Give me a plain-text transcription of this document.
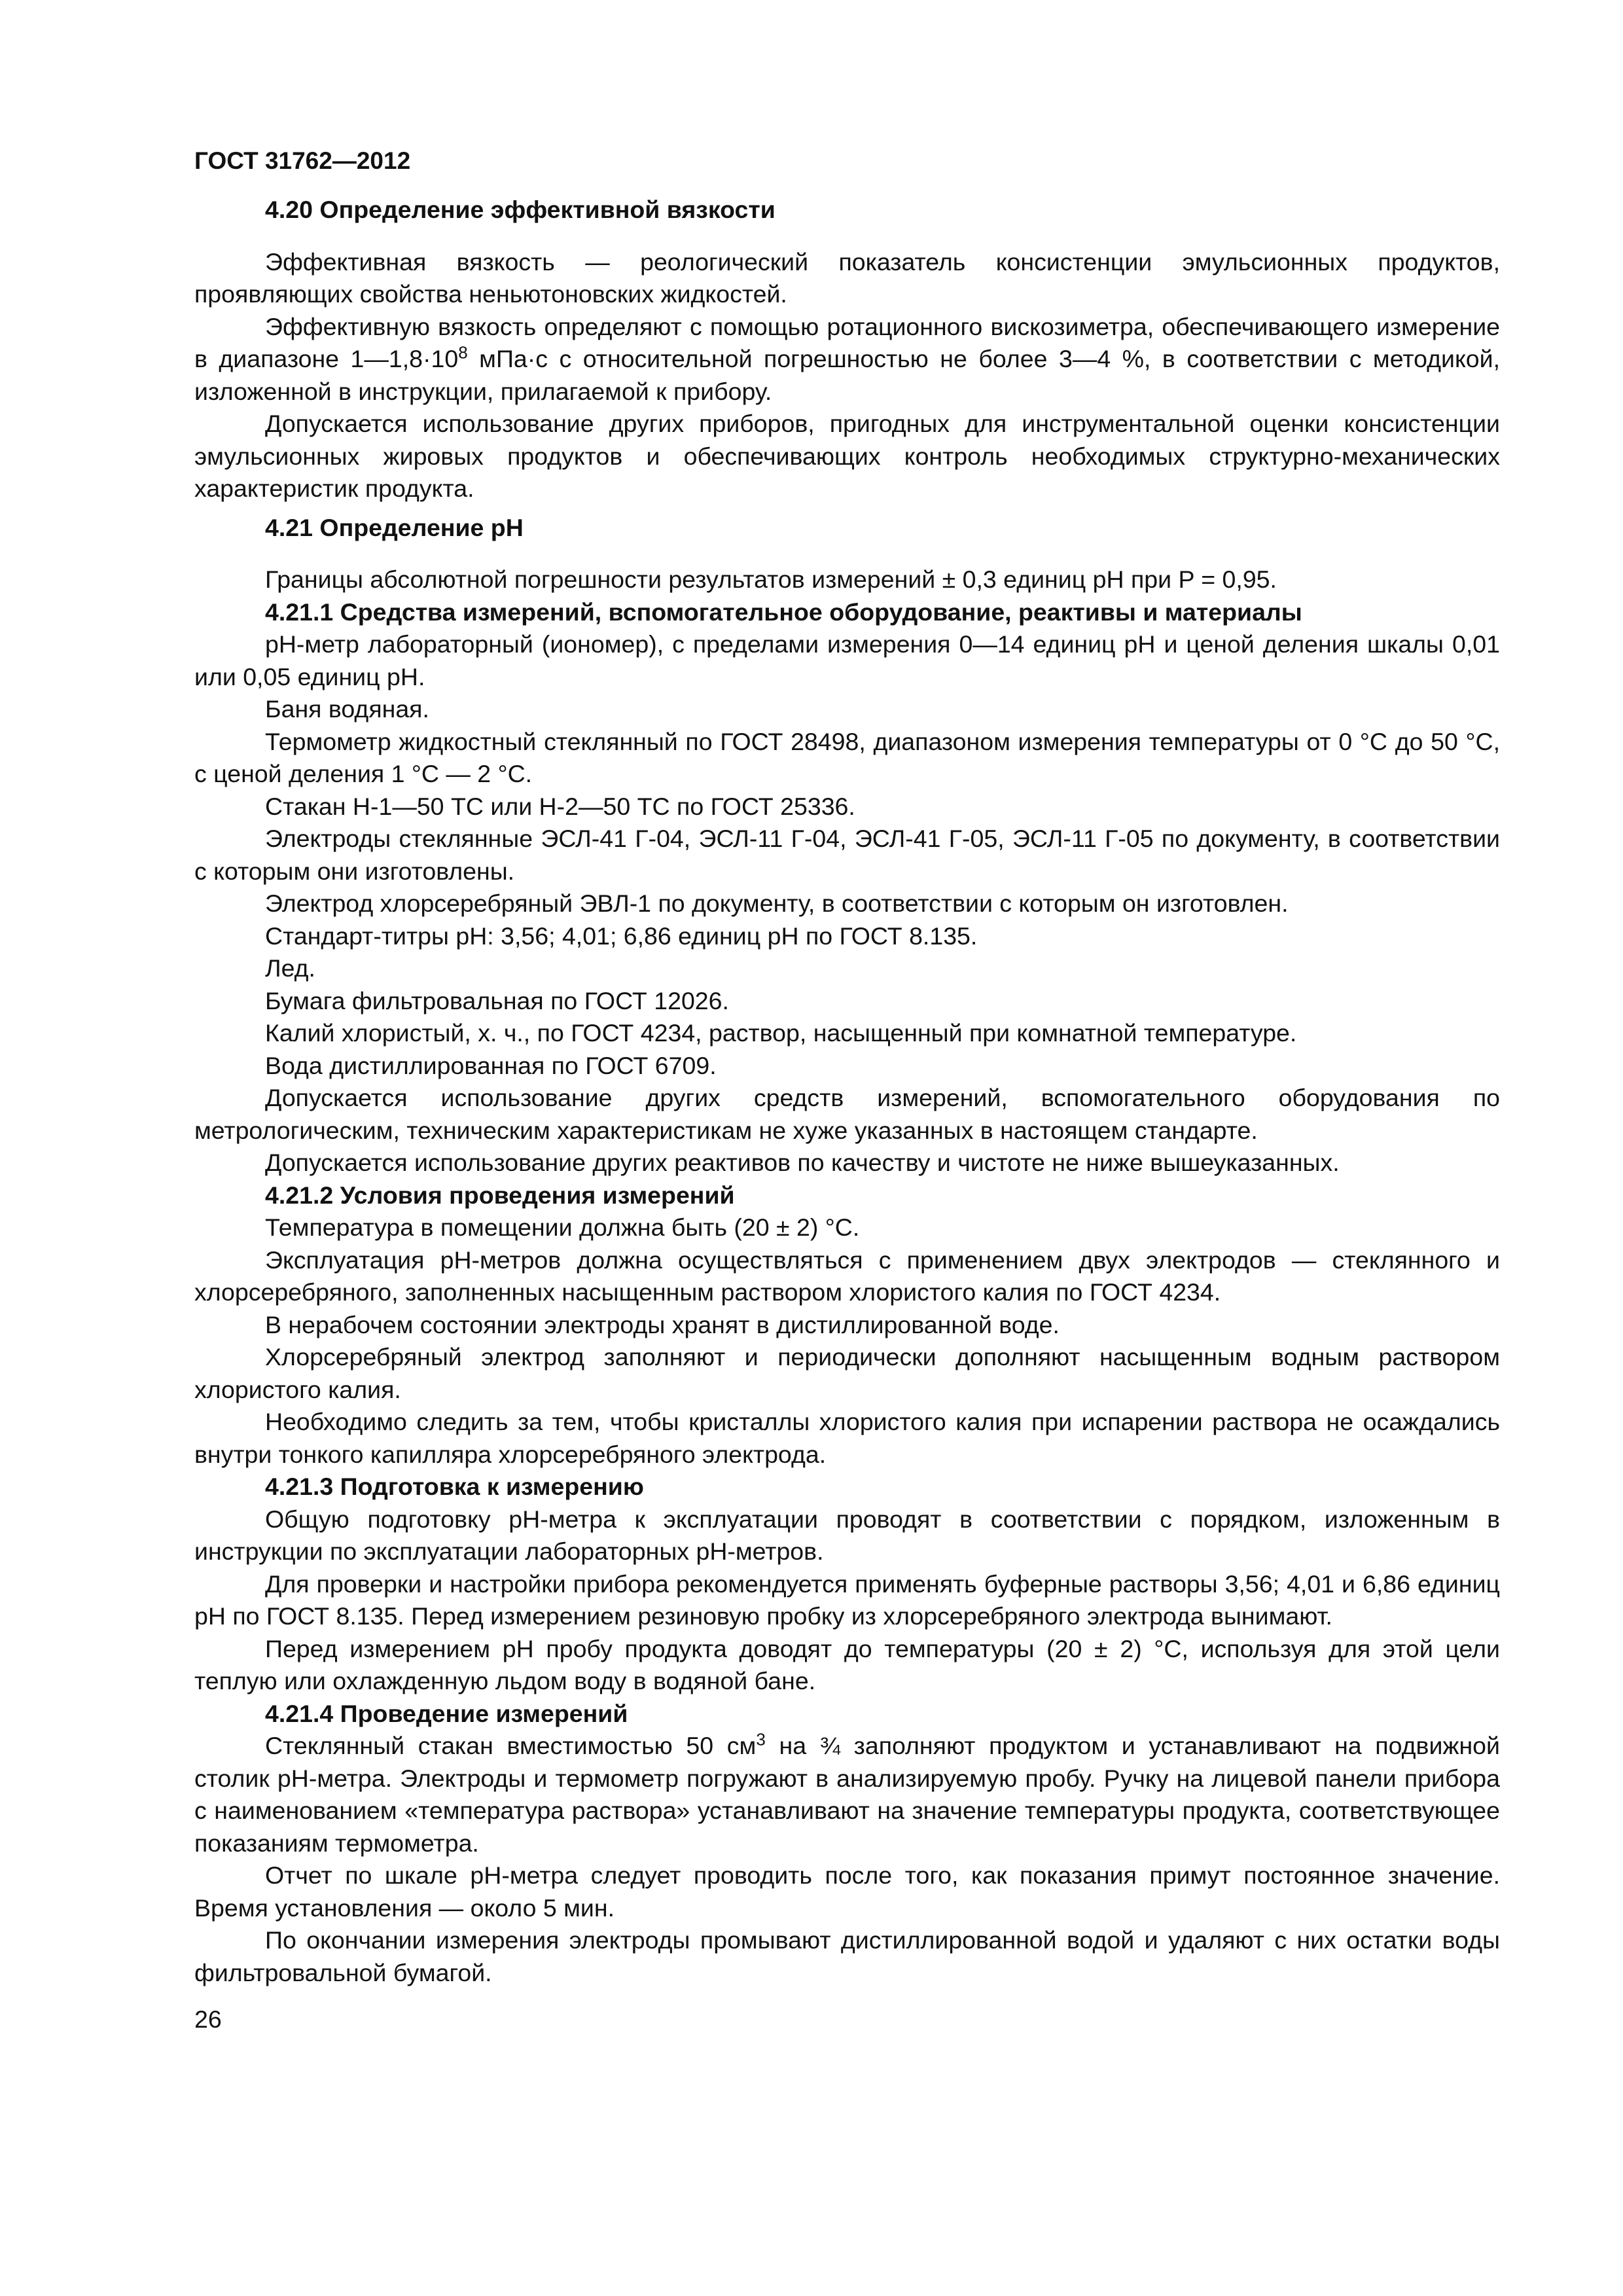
ГОСТ 31762—2012

4.20 Определение эффективной вязкости

Эффективная вязкость — реологический показатель консистенции эмульсионных продуктов, проявляющих свойства неньютоновских жидкостей.

Эффективную вязкость определяют с помощью ротационного вискозиметра, обеспечивающего измерение в диапазоне $1—1,8\cdot 10^8$ мПа·с с относительной погрешностью не более 3—4 %, в соответствии с методикой, изложенной в инструкции, прилагаемой к прибору.

Допускается использование других приборов, пригодных для инструментальной оценки консистенции эмульсионных жировых продуктов и обеспечивающих контроль необходимых структурно-механических характеристик продукта.

4.21 Определение pH

Границы абсолютной погрешности результатов измерений ± 0,3 единиц pH при P = 0,95.

4.21.1 Средства измерений, вспомогательное оборудование, реактивы и материалы

pH-метр лабораторный (иономер), с пределами измерения 0—14 единиц pH и ценой деления шкалы 0,01 или 0,05 единиц pH.

Баня водяная.

Термометр жидкостный стеклянный по ГОСТ 28498, диапазоном измерения температуры от 0 °С до 50 °С, с ценой деления 1 °С — 2 °С.

Стакан Н-1—50 ТС или Н-2—50 ТС по ГОСТ 25336.

Электроды стеклянные ЭСЛ-41 Г-04, ЭСЛ-11 Г-04, ЭСЛ-41 Г-05, ЭСЛ-11 Г-05 по документу, в соответствии с которым они изготовлены.

Электрод хлорсеребряный ЭВЛ-1 по документу, в соответствии с которым он изготовлен.

Стандарт-титры pH: 3,56; 4,01; 6,86 единиц pH по ГОСТ 8.135.

Лед.

Бумага фильтровальная по ГОСТ 12026.

Калий хлористый, х. ч., по ГОСТ 4234, раствор, насыщенный при комнатной температуре.

Вода дистиллированная по ГОСТ 6709.

Допускается использование других средств измерений, вспомогательного оборудования по метрологическим, техническим характеристикам не хуже указанных в настоящем стандарте.

Допускается использование других реактивов по качеству и чистоте не ниже вышеуказанных.

4.21.2 Условия проведения измерений

Температура в помещении должна быть (20 ± 2) °С.

Эксплуатация pH-метров должна осуществляться с применением двух электродов — стеклянного и хлорсеребряного, заполненных насыщенным раствором хлористого калия по ГОСТ 4234.

В нерабочем состоянии электроды хранят в дистиллированной воде.

Хлорсеребряный электрод заполняют и периодически дополняют насыщенным водным раствором хлористого калия.

Необходимо следить за тем, чтобы кристаллы хлористого калия при испарении раствора не осаждались внутри тонкого капилляра хлорсеребряного электрода.

4.21.3 Подготовка к измерению

Общую подготовку pH-метра к эксплуатации проводят в соответствии с порядком, изложенным в инструкции по эксплуатации лабораторных pH-метров.

Для проверки и настройки прибора рекомендуется применять буферные растворы 3,56; 4,01 и 6,86 единиц pH по ГОСТ 8.135. Перед измерением резиновую пробку из хлорсеребряного электрода вынимают.

Перед измерением pH пробу продукта доводят до температуры (20 ± 2) °С, используя для этой цели теплую или охлажденную льдом воду в водяной бане.

4.21.4 Проведение измерений

Стеклянный стакан вместимостью 50 $см^3$ на ¾ заполняют продуктом и устанавливают на подвижной столик pH-метра. Электроды и термометр погружают в анализируемую пробу. Ручку на лицевой панели прибора с наименованием «температура раствора» устанавливают на значение температуры продукта, соответствующее показаниям термометра.

Отчет по шкале pH-метра следует проводить после того, как показания примут постоянное значение. Время установления — около 5 мин.

По окончании измерения электроды промывают дистиллированной водой и удаляют с них остатки воды фильтровальной бумагой.

26
